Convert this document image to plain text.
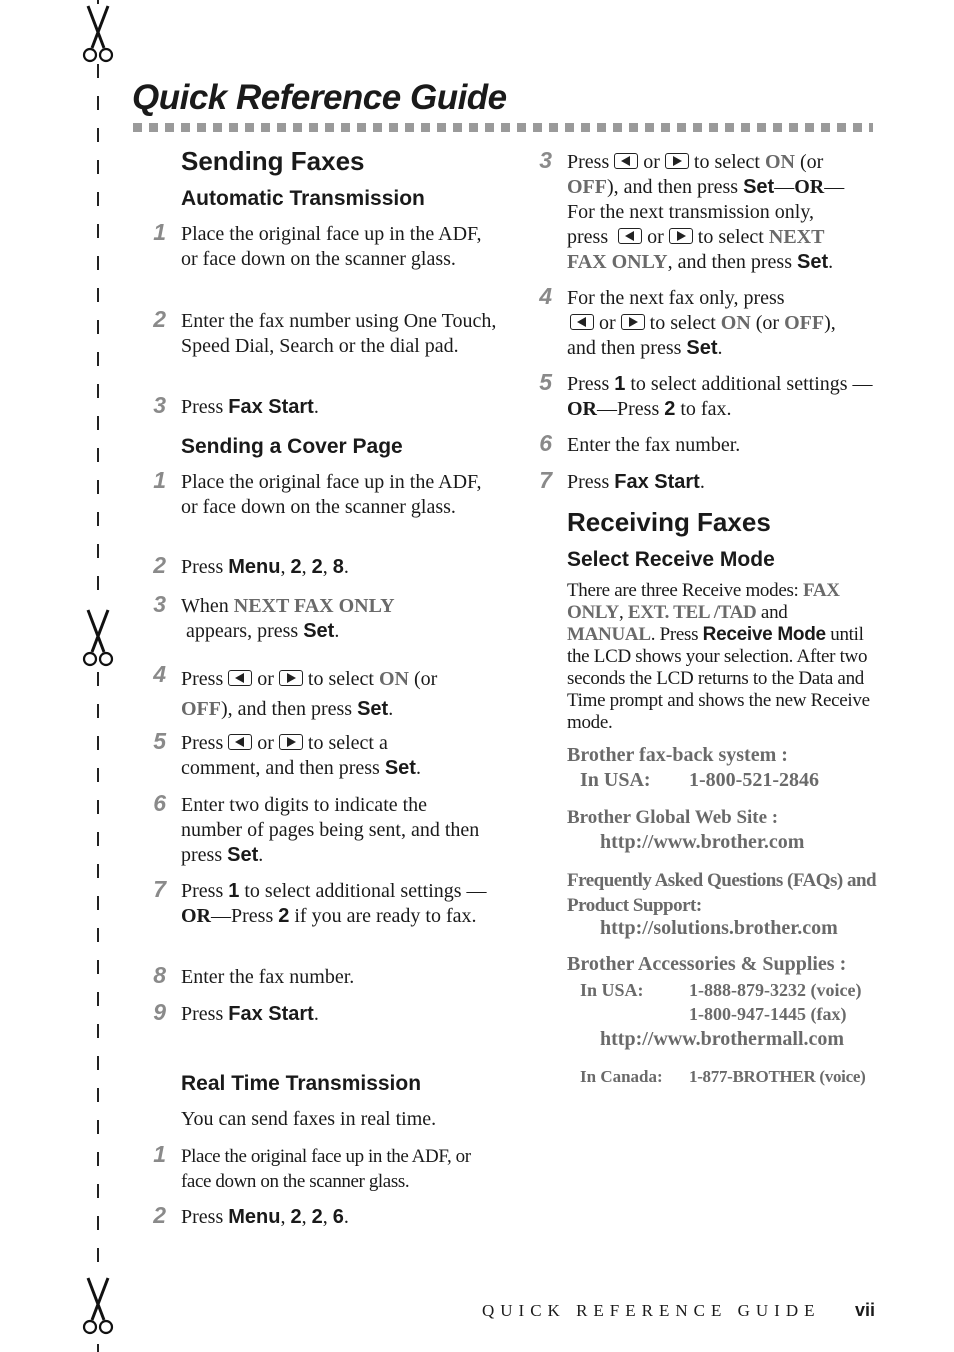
Quick Reference Guide
Sending Faxes
Automatic Transmission
1 Place the original face up in the ADF, or face down on the scanner glass.
2 Enter the fax number using One Touch, Speed Dial, Search or the dial pad.
3 Press Fax Start.
Sending a Cover Page
1 Place the original face up in the ADF, or face down on the scanner glass.
2 Press Menu, 2, 2, 8.
3 When NEXT FAX ONLY
appears, press Set.
4 Press or to select ON (or
OFF), and then press Set.
5 Press or to select a
comment, and then press Set.
6 Enter two digits to indicate the number of pages being sent, and then press Set.
7 Press 1 to select additional settings —OR—Press 2 if you are ready to fax.
8 Enter the fax number.
9 Press Fax Start.
Real Time Transmission
You can send faxes in real time.
1 Place the original face up in the ADF, or face down on the scanner glass.
2 Press Menu, 2, 2, 6.
3 Press or to select ON (or
OFF), and then press Set—OR—
For the next transmission only,
press or to select NEXT
FAX ONLY, and then press Set.
4 For the next fax only, press
or to select ON (or OFF),
and then press Set.
5 Press 1 to select additional settings —OR—Press 2 to fax.
6 Enter the fax number.
7 Press Fax Start.
Receiving Faxes
Select Receive Mode
There are three Receive modes: FAX ONLY, EXT. TEL /TAD and MANUAL. Press Receive Mode until the LCD shows your selection. After two seconds the LCD returns to the Data and Time prompt and shows the new Receive mode.
Brother fax-back system :
In USA: 1-800-521-2846
Brother Global Web Site :
http://www.brother.com
Frequently Asked Questions (FAQs) and Product Support:
http://solutions.brother.com
Brother Accessories & Supplies :
In USA:	1-888-879-3232 (voice)
1-800-947-1445 (fax)
http://www.brothermall.com
In Canada: 1-877-BROTHER (voice)
QUICK REFERENCE GUIDE vii
